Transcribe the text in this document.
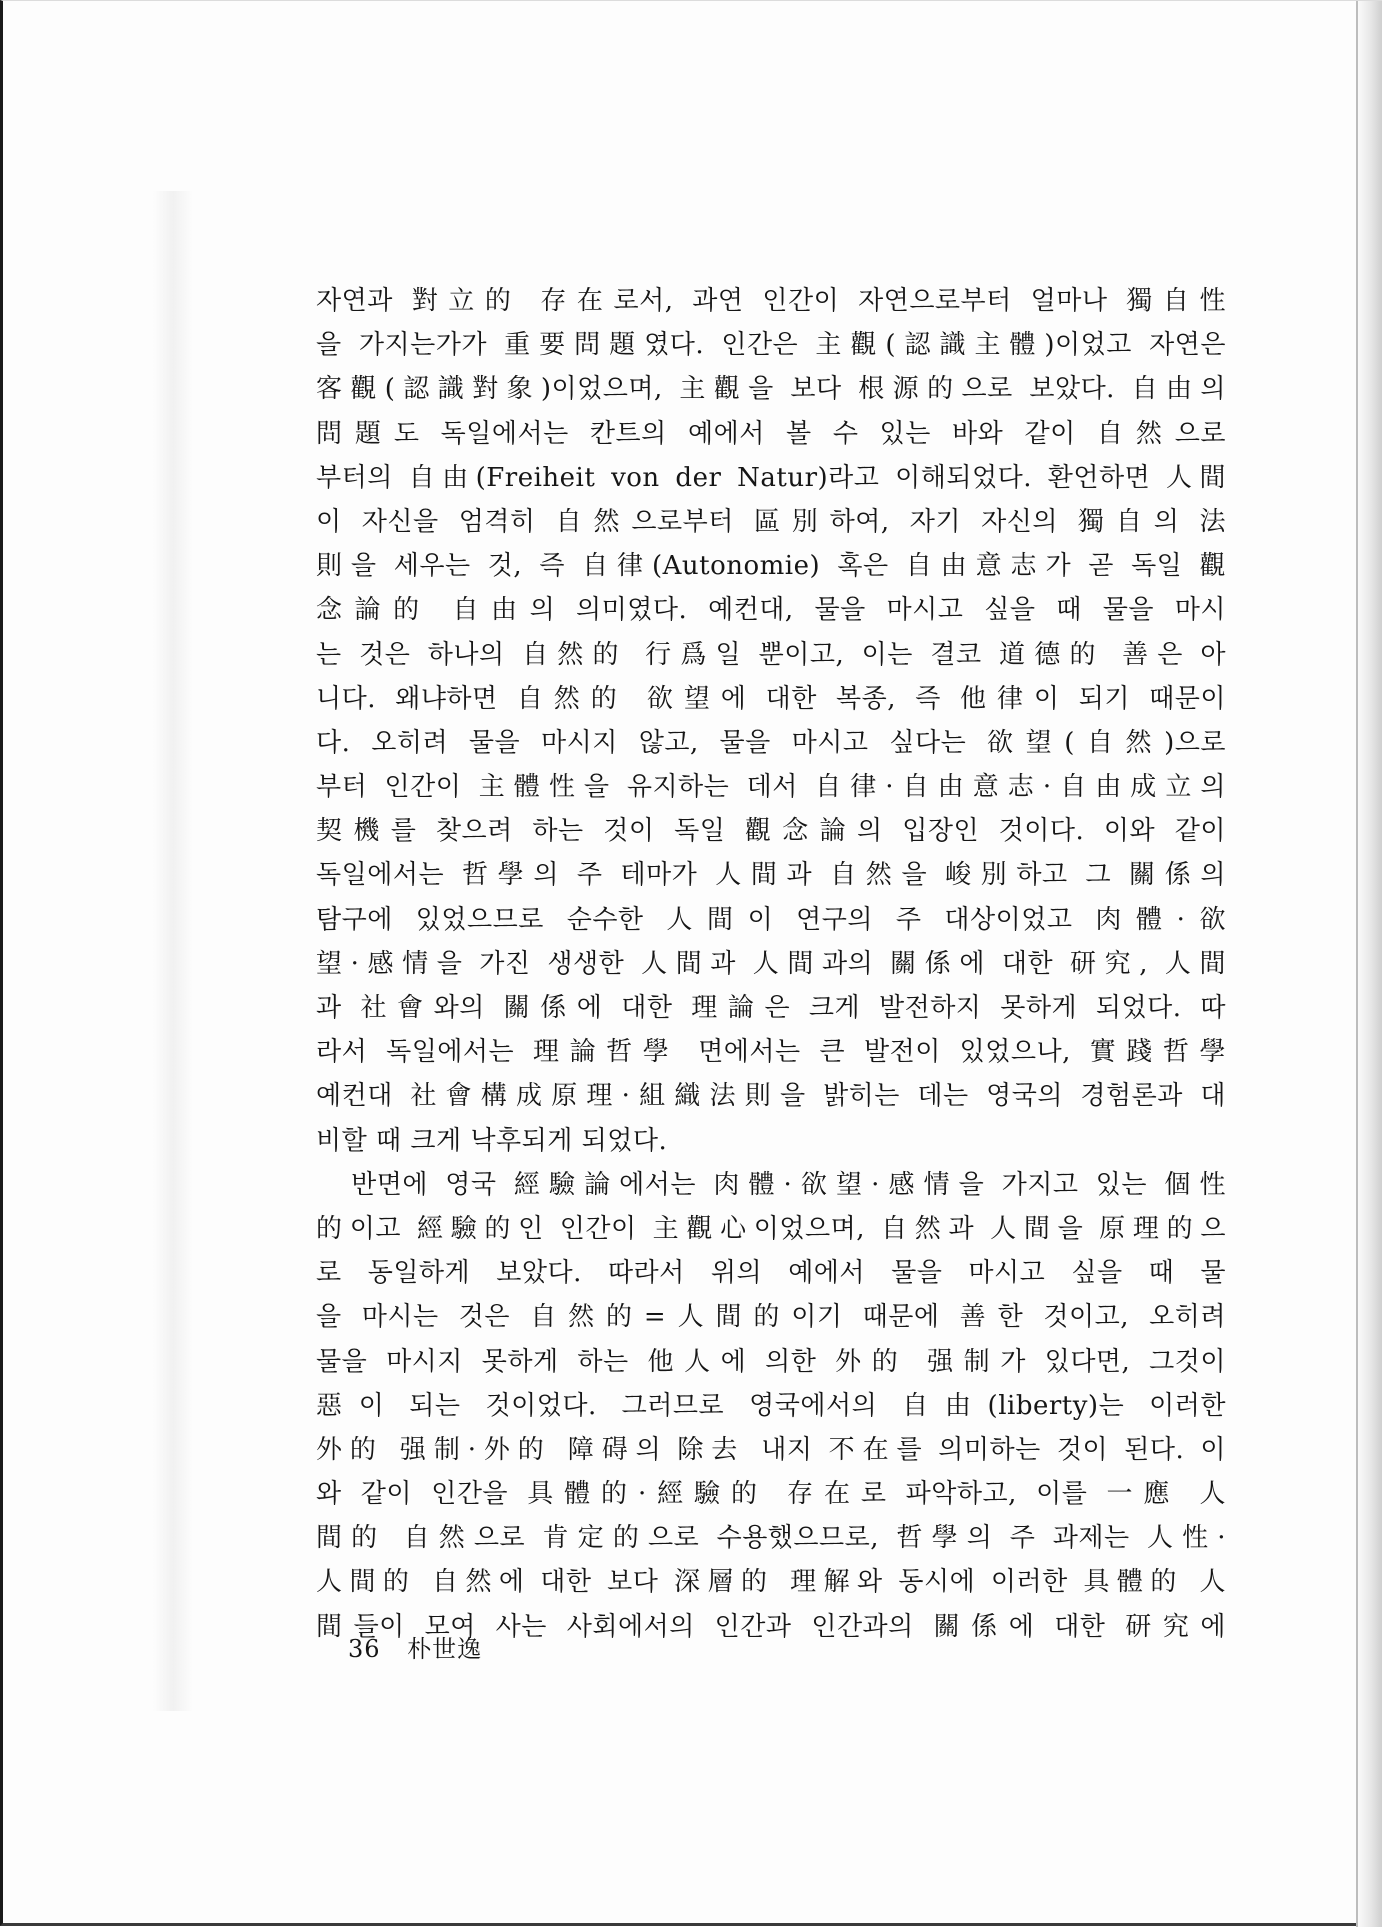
자연과 對立的 存在로서, 과연 인간이 자연으로부터 얼마나 獨自性
을 가지는가가 重要問題였다. 인간은 主觀(認識主體)이었고 자연은
客觀(認識對象)이었으며, 主觀을 보다 根源的으로 보았다. 自由의
問題도 독일에서는 칸트의 예에서 볼 수 있는 바와 같이 自然으로
부터의 自由(Freiheit von der Natur)라고 이해되었다. 환언하면 人間
이 자신을 엄격히 自然으로부터 區別하여, 자기 자신의 獨自의 法
則을 세우는 것, 즉 自律(Autonomie) 혹은 自由意志가 곧 독일 觀
念論的 自由의 의미였다. 예컨대, 물을 마시고 싶을 때 물을 마시
는 것은 하나의 自然的 行爲일 뿐이고, 이는 결코 道德的 善은 아
니다. 왜냐하면 自然的 欲望에 대한 복종, 즉 他律이 되기 때문이
다. 오히려 물을 마시지 않고, 물을 마시고 싶다는 欲望(自然)으로
부터 인간이 主體性을 유지하는 데서 自律·自由意志·自由成立의
契機를 찾으려 하는 것이 독일 觀念論의 입장인 것이다. 이와 같이
독일에서는 哲學의 주 테마가 人間과 自然을 峻別하고 그 關係의
탐구에 있었으므로 순수한 人間이 연구의 주 대상이었고 肉體·欲
望·感情을 가진 생생한 人間과 人間과의 關係에 대한 研究, 人間
과 社會와의 關係에 대한 理論은 크게 발전하지 못하게 되었다. 따
라서 독일에서는 理論哲學 면에서는 큰 발전이 있었으나, 實踐哲學
예컨대 社會構成原理·組織法則을 밝히는 데는 영국의 경험론과 대
비할 때 크게 낙후되게 되었다.
　반면에 영국 經驗論에서는 肉體·欲望·感情을 가지고 있는 個性
的이고 經驗的인 인간이 主觀心이었으며, 自然과 人間을 原理的으
로 동일하게 보았다. 따라서 위의 예에서 물을 마시고 싶을 때 물
을 마시는 것은 自然的=人間的이기 때문에 善한 것이고, 오히려
물을 마시지 못하게 하는 他人에 의한 外的 强制가 있다면, 그것이
惡이 되는 것이었다. 그러므로 영국에서의 自由(liberty)는 이러한
外的 强制·外的 障碍의 除去 내지 不在를 의미하는 것이 된다. 이
와 같이 인간을 具體的·經驗的 存在로 파악하고, 이를 一應 人
間的 自然으로 肯定的으로 수용했으므로, 哲學의 주 과제는 人性·
人間的 自然에 대한 보다 深層的 理解와 동시에 이러한 具體的 人
間들이 모여 사는 사회에서의 인간과 인간과의 關係에 대한 研究에
36 朴世逸
